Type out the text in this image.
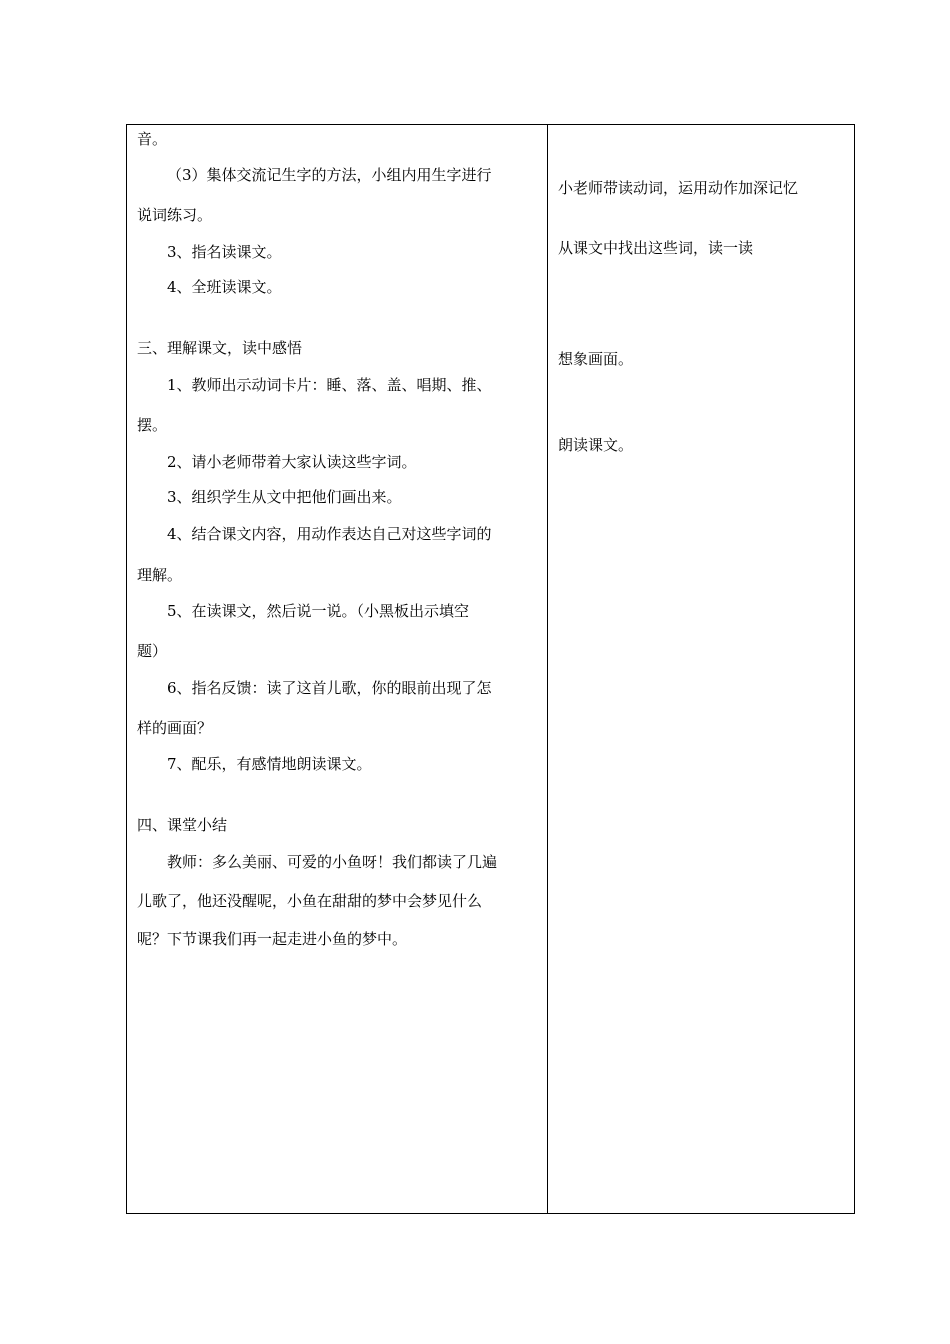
音。
（3）集体交流记生字的方法，小组内用生字进行
说词练习。
3、指名读课文。
4、全班读课文。
三、理解课文，读中感悟
1、教师出示动词卡片：睡、落、盖、唱期、推、
摆。
2、请小老师带着大家认读这些字词。
3、组织学生从文中把他们画出来。
4、结合课文内容，用动作表达自己对这些字词的
理解。
5、在读课文，然后说一说。（小黑板出示填空
题）
6、指名反馈：读了这首儿歌，你的眼前出现了怎
样的画面？
7、配乐，有感情地朗读课文。
四、课堂小结
教师：多么美丽、可爱的小鱼呀！我们都读了几遍
儿歌了，他还没醒呢，小鱼在甜甜的梦中会梦见什么
呢？下节课我们再一起走进小鱼的梦中。
小老师带读动词，运用动作加深记忆
从课文中找出这些词，读一读
想象画面。
朗读课文。
